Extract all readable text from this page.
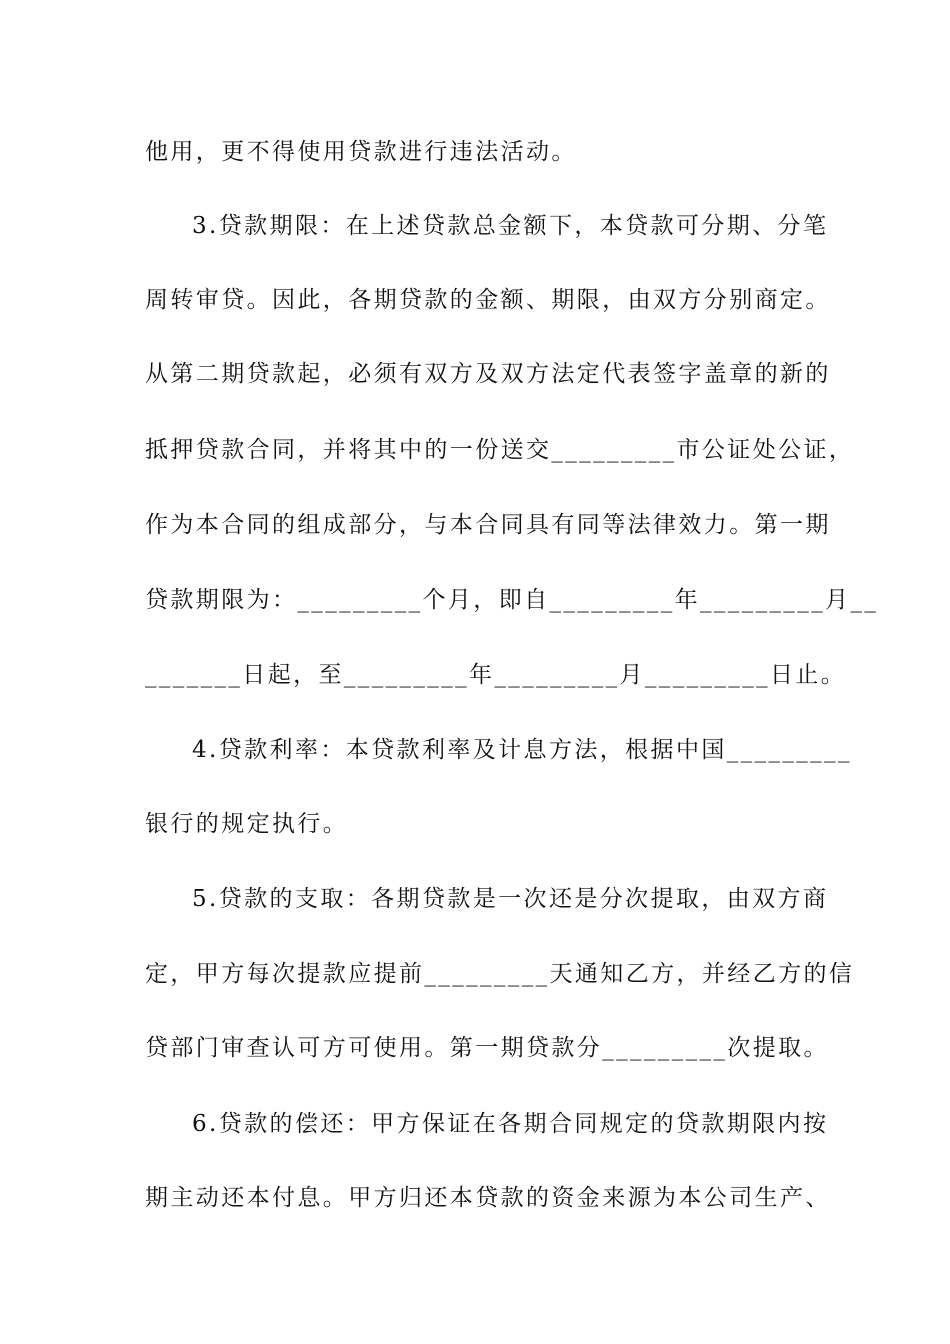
他用，更不得使用贷款进行违法活动。
3.贷款期限：在上述贷款总金额下，本贷款可分期、分笔
周转审贷。因此，各期贷款的金额、期限，由双方分别商定。
从第二期贷款起，必须有双方及双方法定代表签字盖章的新的
抵押贷款合同，并将其中的一份送交_________市公证处公证，
作为本合同的组成部分，与本合同具有同等法律效力。第一期
贷款期限为：_________个月，即自_________年_________月__
_______日起，至_________年_________月_________日止。
4.贷款利率：本贷款利率及计息方法，根据中国_________
银行的规定执行。
5.贷款的支取：各期贷款是一次还是分次提取，由双方商
定，甲方每次提款应提前_________天通知乙方，并经乙方的信
贷部门审查认可方可使用。第一期贷款分_________次提取。
6.贷款的偿还：甲方保证在各期合同规定的贷款期限内按
期主动还本付息。甲方归还本贷款的资金来源为本公司生产、
